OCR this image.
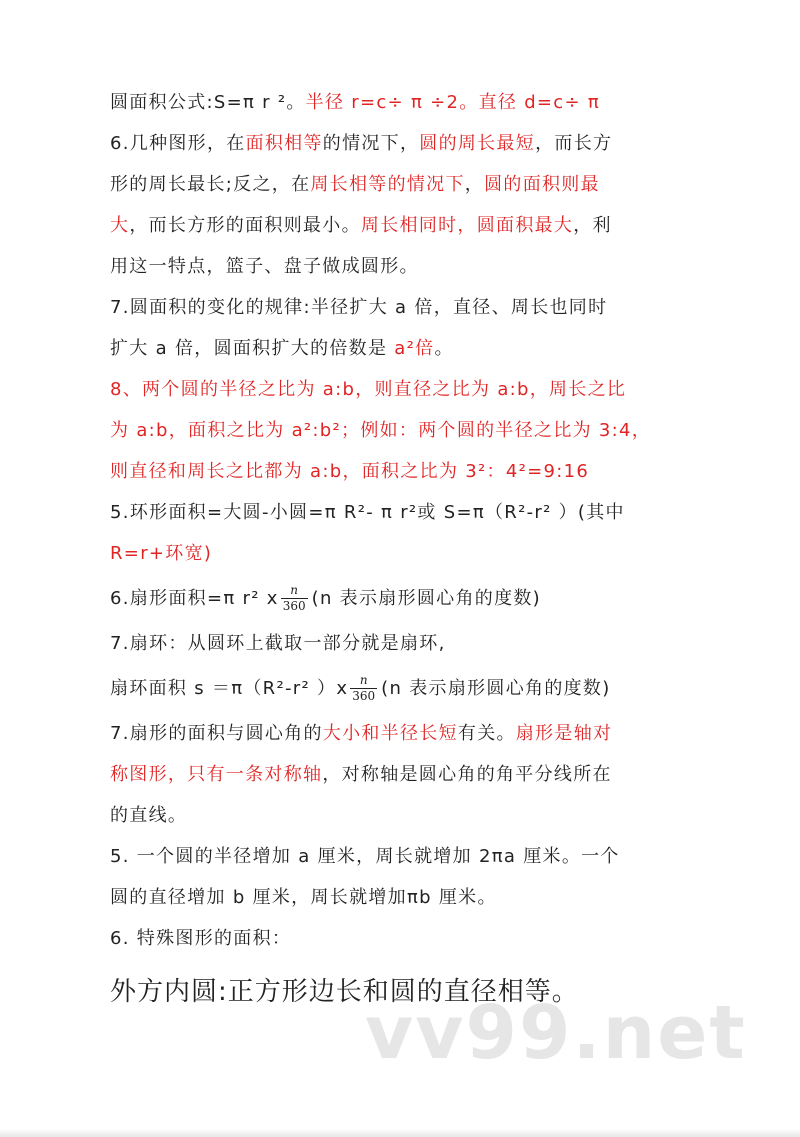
圆面积公式:S=π r ²。半径 r=c÷ π ÷2。直径 d=c÷ π
6.几种图形，在面积相等的情况下，圆的周长最短，而长方
形的周长最长;反之，在周长相等的情况下，圆的面积则最
大，而长方形的面积则最小。周长相同时，圆面积最大，利
用这一特点，篮子、盘子做成圆形。
7.圆面积的变化的规律:半径扩大 a 倍，直径、周长也同时
扩大 a 倍，圆面积扩大的倍数是 a²倍。
8、两个圆的半径之比为 a:b，则直径之比为 a:b，周长之比
为 a:b，面积之比为 a²:b²；例如：两个圆的半径之比为 3:4，
则直径和周长之比都为 a:b，面积之比为 3²：4²=9:16
5.环形面积=大圆-小圆=π R²- π r²或 S=π（R²-r² ）(其中
R=r+环宽)
6.扇形面积=π r² x $\frac{n}{360} (n$ 表示扇形圆心角的度数)
7.扇环：从圆环上截取一部分就是扇环,
扇环面积 s ＝π（R²-r² ）$x \frac{n}{360} (n$ 表示扇形圆心角的度数)
7.扇形的面积与圆心角的大小和半径长短有关。扇形是轴对
称图形，只有一条对称轴，对称轴是圆心角的角平分线所在
的直线。
5. 一个圆的半径增加 a 厘米，周长就增加 2πa 厘米。一个
圆的直径增加 b 厘米，周长就增加πb 厘米。
6. 特殊图形的面积：
外方内圆:正方形边长和圆的直径相等。
vv99.net
